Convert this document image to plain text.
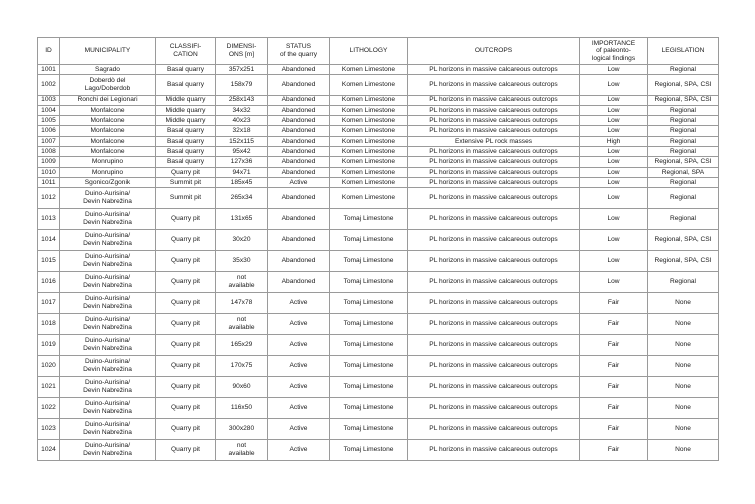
ID	MUNICIPALITY	CLASSIFI-
CATION	DIMENSI-
ONS [m]	STATUS
of the quarry	LITHOLOGY	OUTCROPS	IMPORTANCE
of paleonto-
logical findings	LEGISLATION

1001	Sagrado	Basal quarry	357x251	Abandoned	Komen Limestone	PL horizons in massive calcareous outcrops	Low	Regional
1002	Doberdò del
Lago/Doberdob	Basal quarry	158x79	Abandoned	Komen Limestone	PL horizons in massive calcareous outcrops	Low	Regional, SPA, CSI
1003	Ronchi dei Legionari	Middle quarry	258x143	Abandoned	Komen Limestone	PL horizons in massive calcareous outcrops	Low	Regional, SPA, CSI
1004	Monfalcone	Middle quarry	34x32	Abandoned	Komen Limestone	PL horizons in massive calcareous outcrops	Low	Regional
1005	Monfalcone	Middle quarry	40x23	Abandoned	Komen Limestone	PL horizons in massive calcareous outcrops	Low	Regional
1006	Monfalcone	Basal quarry	32x18	Abandoned	Komen Limestone	PL horizons in massive calcareous outcrops	Low	Regional
1007	Monfalcone	Basal quarry	152x115	Abandoned	Komen Limestone	Extensive PL rock masses	High	Regional
1008	Monfalcone	Basal quarry	95x42	Abandoned	Komen Limestone	PL horizons in massive calcareous outcrops	Low	Regional
1009	Monrupino	Basal quarry	127x36	Abandoned	Komen Limestone	PL horizons in massive calcareous outcrops	Low	Regional, SPA, CSI
1010	Monrupino	Quarry pit	94x71	Abandoned	Komen Limestone	PL horizons in massive calcareous outcrops	Low	Regional, SPA
1011	Sgonico/Zgonik	Summit pit	185x45	Active	Komen Limestone	PL horizons in massive calcareous outcrops	Low	Regional
1012	Duino-Aurisina/
Devin Nabrežina	Summit pit	265x34	Abandoned	Komen Limestone	PL horizons in massive calcareous outcrops	Low	Regional
1013	Duino-Aurisina/
Devin Nabrežina	Quarry pit	131x65	Abandoned	Tomaj Limestone	PL horizons in massive calcareous outcrops	Low	Regional
1014	Duino-Aurisina/
Devin Nabrežina	Quarry pit	30x20	Abandoned	Tomaj Limestone	PL horizons in massive calcareous outcrops	Low	Regional, SPA, CSI
1015	Duino-Aurisina/
Devin Nabrežina	Quarry pit	35x30	Abandoned	Tomaj Limestone	PL horizons in massive calcareous outcrops	Low	Regional, SPA, CSI
1016	Duino-Aurisina/
Devin Nabrežina	Quarry pit	not
available	Abandoned	Tomaj Limestone	PL horizons in massive calcareous outcrops	Low	Regional
1017	Duino-Aurisina/
Devin Nabrežina	Quarry pit	147x78	Active	Tomaj Limestone	PL horizons in massive calcareous outcrops	Fair	None
1018	Duino-Aurisina/
Devin Nabrežina	Quarry pit	not
available	Active	Tomaj Limestone	PL horizons in massive calcareous outcrops	Fair	None
1019	Duino-Aurisina/
Devin Nabrežina	Quarry pit	165x29	Active	Tomaj Limestone	PL horizons in massive calcareous outcrops	Fair	None
1020	Duino-Aurisina/
Devin Nabrežina	Quarry pit	170x75	Active	Tomaj Limestone	PL horizons in massive calcareous outcrops	Fair	None
1021	Duino-Aurisina/
Devin Nabrežina	Quarry pit	90x60	Active	Tomaj Limestone	PL horizons in massive calcareous outcrops	Fair	None
1022	Duino-Aurisina/
Devin Nabrežina	Quarry pit	116x50	Active	Tomaj Limestone	PL horizons in massive calcareous outcrops	Fair	None
1023	Duino-Aurisina/
Devin Nabrežina	Quarry pit	300x280	Active	Tomaj Limestone	PL horizons in massive calcareous outcrops	Fair	None
1024	Duino-Aurisina/
Devin Nabrežina	Quarry pit	not
available	Active	Tomaj Limestone	PL horizons in massive calcareous outcrops	Fair	None
